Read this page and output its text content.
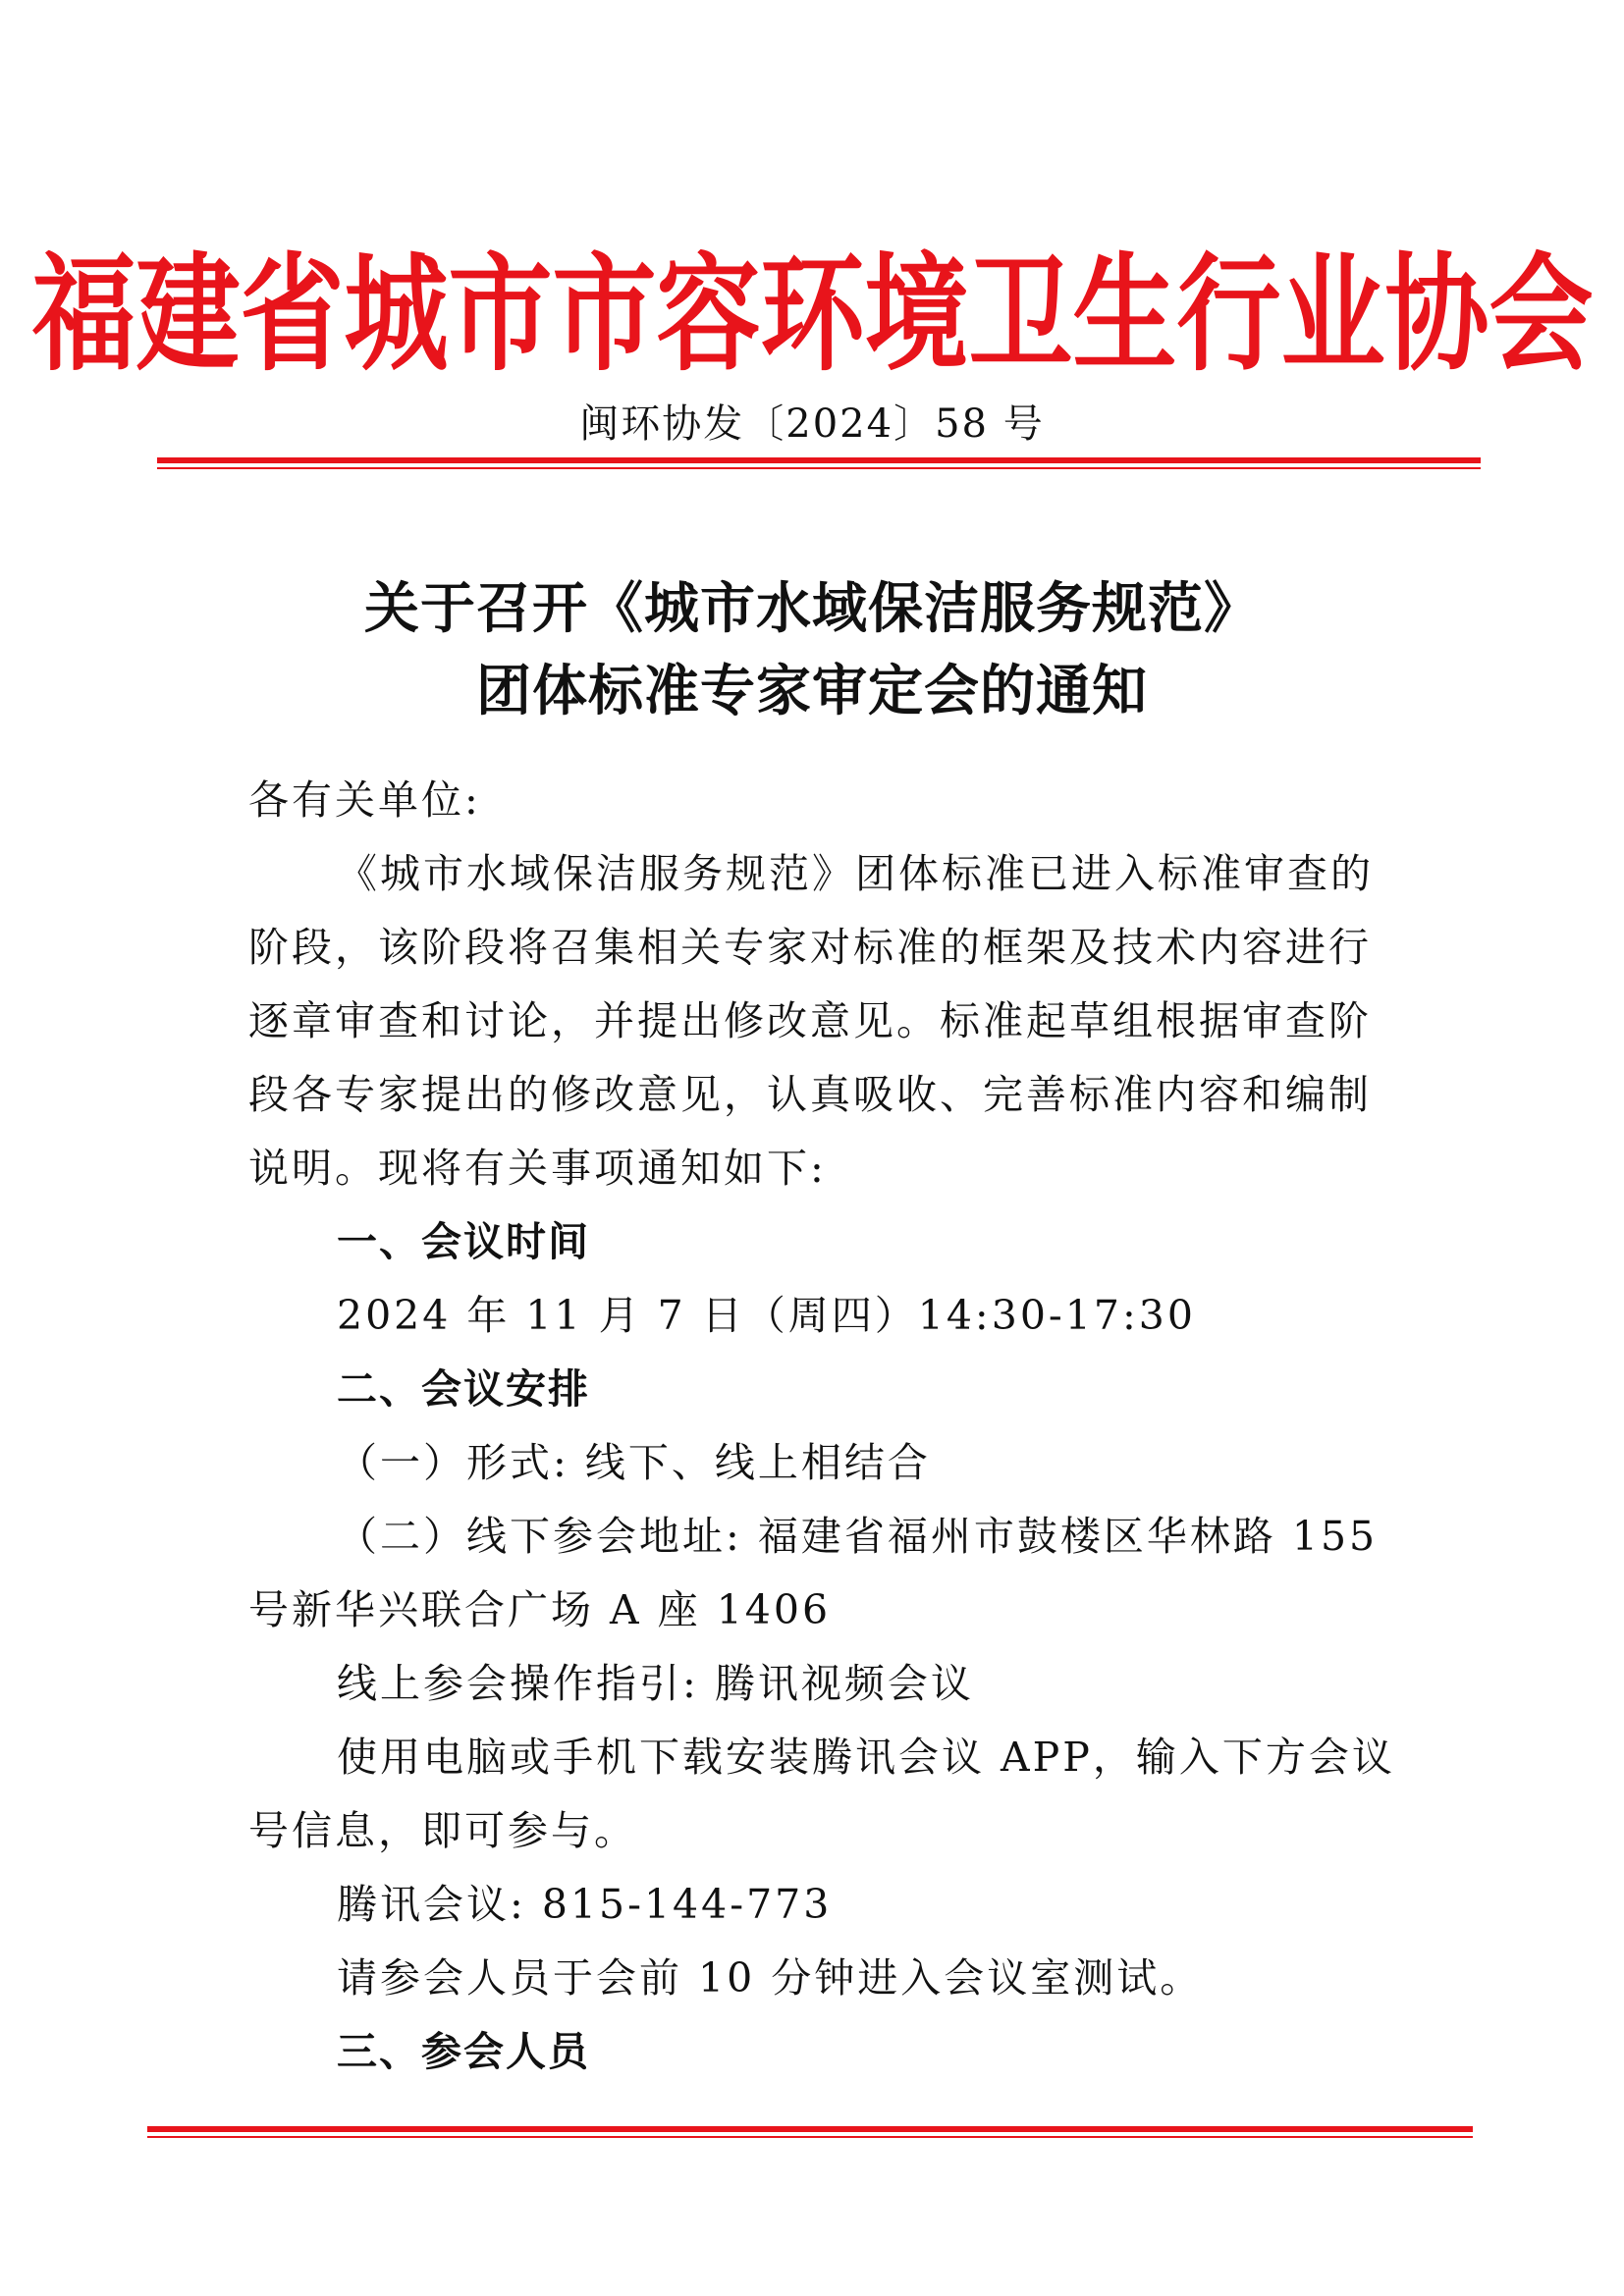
福建省城市市容环境卫生行业协会
闽环协发〔2024〕58 号
关于召开《城市水域保洁服务规范》
团体标准专家审定会的通知
各有关单位:
《城市水域保洁服务规范》团体标准已进入标准审查的
阶段，该阶段将召集相关专家对标准的框架及技术内容进行
逐章审查和讨论，并提出修改意见。标准起草组根据审查阶
段各专家提出的修改意见，认真吸收、完善标准内容和编制
说明。现将有关事项通知如下:
一、会议时间
2024 年 11 月 7 日（周四）14:30-17:30
二、会议安排
（一）形式: 线下、线上相结合
（二）线下参会地址: 福建省福州市鼓楼区华林路 155
号新华兴联合广场 A 座 1406
线上参会操作指引: 腾讯视频会议
使用电脑或手机下载安装腾讯会议 APP，输入下方会议
号信息，即可参与。
腾讯会议: 815-144-773
请参会人员于会前 10 分钟进入会议室测试。
三、参会人员
